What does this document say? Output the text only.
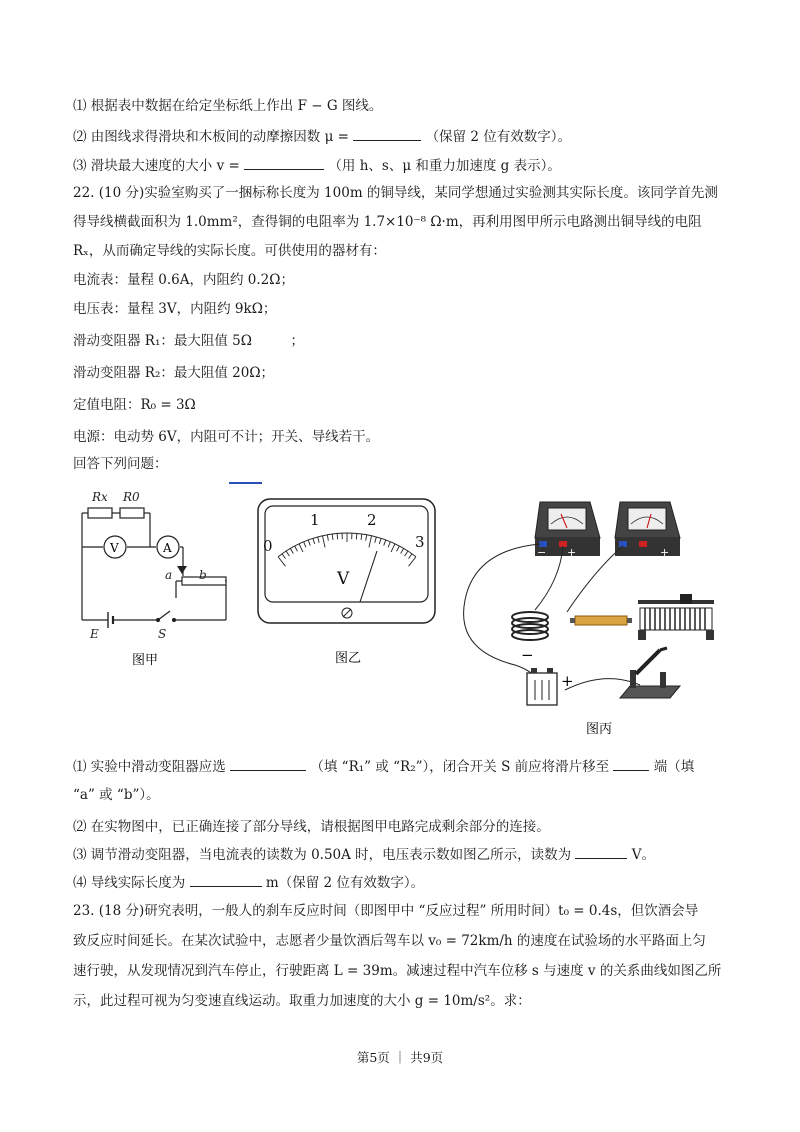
⑴ 根据表中数据在给定坐标纸上作出 F − G 图线。
⑵ 由图线求得滑块和木板间的动摩擦因数 μ =	（保留 2 位有效数字）。
⑶ 滑块最大速度的大小 v =	（用 h、s、μ 和重力加速度 g 表示）。
22. (10 分)实验室购买了一捆标称长度为 100m 的铜导线，某同学想通过实验测其实际长度。该同学首先测
得导线横截面积为 1.0mm²，查得铜的电阻率为 1.7×10⁻⁸ Ω·m，再利用图甲所示电路测出铜导线的电阻
Rₓ，从而确定导线的实际长度。可供使用的器材有：
电流表：量程 0.6A，内阻约 0.2Ω；
电压表：量程 3V，内阻约 9kΩ；
滑动变阻器 R₁：最大阻值 5Ω	；
滑动变阻器 R₂：最大阻值 20Ω；
定值电阻：R₀ = 3Ω
电源：电动势 6V，内阻可不计；开关、导线若干。
回答下列问题：
Rx R0
a b
E	S
V	A
图甲
0
1	2
3
V
图乙
− +	+
−
+
图丙
⑴ 实验中滑动变阻器应选	（填 “R₁” 或 “R₂”），闭合开关 S 前应将滑片移至	端（填
“a” 或 “b”）。
⑵ 在实物图中，已正确连接了部分导线，请根据图甲电路完成剩余部分的连接。
⑶ 调节滑动变阻器，当电流表的读数为 0.50A 时，电压表示数如图乙所示，读数为	V。
⑷ 导线实际长度为	m（保留 2 位有效数字）。
23. (18 分)研究表明，一般人的刹车反应时间（即图甲中 “反应过程” 所用时间）t₀ = 0.4s，但饮酒会导
致反应时间延长。在某次试验中，志愿者少量饮酒后驾车以 v₀ = 72km/h 的速度在试验场的水平路面上匀
速行驶，从发现情况到汽车停止，行驶距离 L = 39m。减速过程中汽车位移 s 与速度 v 的关系曲线如图乙所
示，此过程可视为匀变速直线运动。取重力加速度的大小 g = 10m/s²。求：
第5页 ｜ 共9页
